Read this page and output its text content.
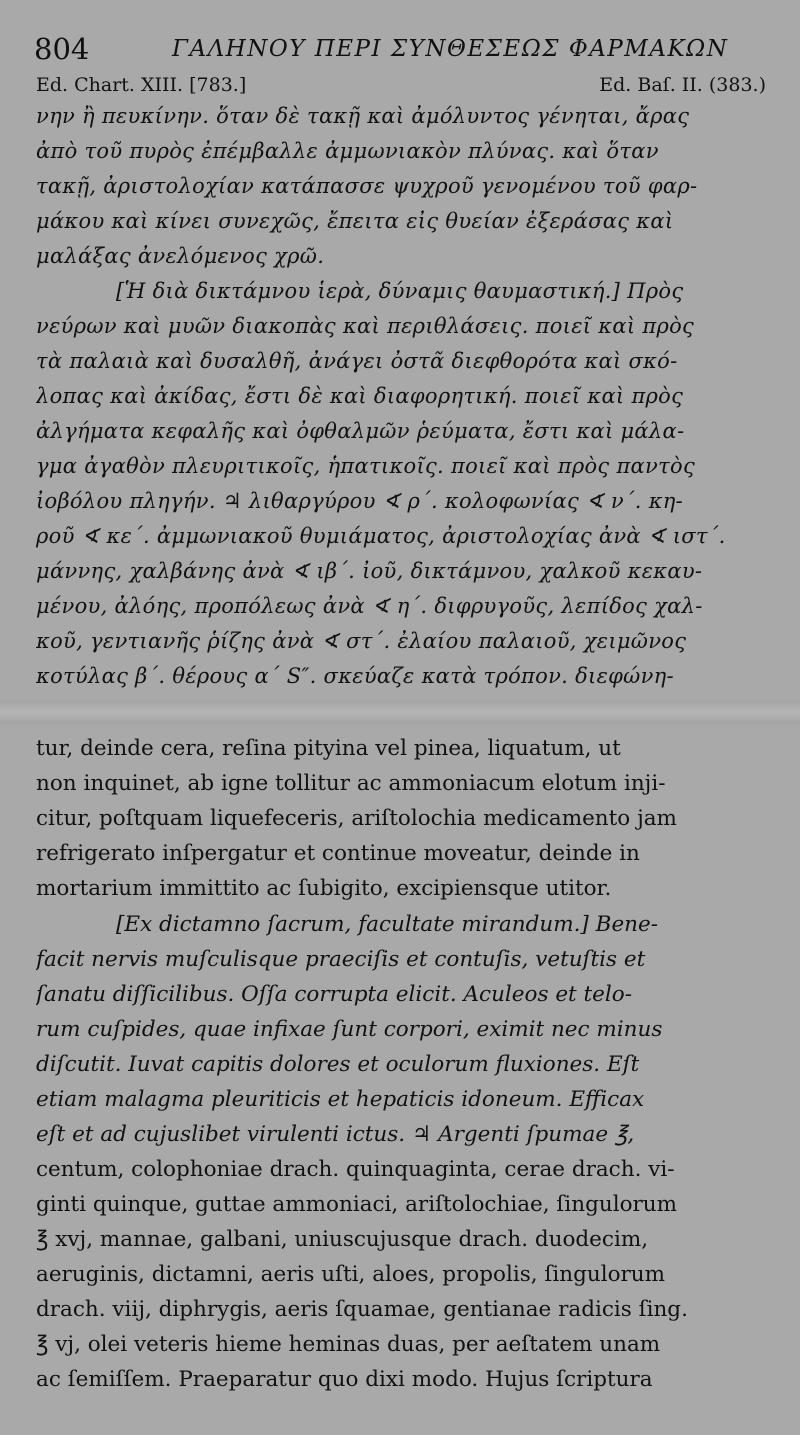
804	ΓΑΛΗΝΟΥ ΠΕΡΙ ΣΥΝΘΕΣΕΩΣ ΦΑΡΜΑΚΩΝ
Ed. Chart. XIII. [783.]	Ed. Baſ. II. (383.)
νην ἢ πευκίνην. ὅταν δὲ τακῇ καὶ ἀμόλυντος γένηται, ἄρας
ἀπὸ τοῦ πυρὸς ἐπέμβαλλε ἀμμωνιακὸν πλύνας. καὶ ὅταν
τακῇ, ἀριστολοχίαν κατάπασσε ψυχροῦ γενομένου τοῦ φαρ-
μάκου καὶ κίνει συνεχῶς, ἔπειτα εἰς θυείαν ἐξεράσας καὶ
μαλάξας ἀνελόμενος χρῶ.
[Ἡ διὰ δικτάμνου ἱερὰ, δύναμις θαυμαστική.] Πρὸς
νεύρων καὶ μυῶν διακοπὰς καὶ περιθλάσεις. ποιεῖ καὶ πρὸς
τὰ παλαιὰ καὶ δυσαλθῆ, ἀνάγει ὀστᾶ διεφθορότα καὶ σκό-
λοπας καὶ ἀκίδας, ἔστι δὲ καὶ διαφορητική. ποιεῖ καὶ πρὸς
ἀλγήματα κεφαλῆς καὶ ὀφθαλμῶν ῥεύματα, ἔστι καὶ μάλα-
γμα ἀγαθὸν πλευριτικοῖς, ἡπατικοῖς. ποιεῖ καὶ πρὸς παντὸς
ἰοβόλου πληγήν. ♃ λιθαργύρου ∢ ρ΄. κολοφωνίας ∢ ν΄. κη-
ροῦ ∢ κε΄. ἀμμωνιακοῦ θυμιάματος, ἀριστολοχίας ἀνὰ ∢ ιστ΄.
μάννης, χαλβάνης ἀνὰ ∢ ιβ΄. ἰοῦ, δικτάμνου, χαλκοῦ κεκαυ-
μένου, ἀλόης, προπόλεως ἀνὰ ∢ η΄. διφρυγοῦς, λεπίδος χαλ-
κοῦ, γεντιανῆς ῥίζης ἀνὰ ∢ στ΄. ἐλαίου παλαιοῦ, χειμῶνος
κοτύλας β΄. θέρους α΄ S″. σκεύαζε κατὰ τρόπον. διεφώνη-
tur, deinde cera, reſina pityina vel pinea, liquatum, ut
non inquinet, ab igne tollitur ac ammoniacum elotum inji-
citur, poſtquam liquefeceris, ariſtolochia medicamento jam
refrigerato inſpergatur et continue moveatur, deinde in
mortarium immittito ac ſubigito, excipiensque utitor.
[Ex dictamno ſacrum, facultate mirandum.] Bene-
facit nervis muſculisque praeciſis et contuſis, vetuſtis et
ſanatu diſſicilibus. Oſſa corrupta elicit. Aculeos et telo-
rum cuſpides, quae infixae ſunt corpori, eximit nec minus
diſcutit. Iuvat capitis dolores et oculorum fluxiones. Eſt
etiam malagma pleuriticis et hepaticis idoneum. Efficax
eſt et ad cujuslibet virulenti ictus. ♃ Argenti ſpumae ℥,
centum, colophoniae drach. quinquaginta, cerae drach. vi-
ginti quinque, guttae ammoniaci, ariſtolochiae, ſingulorum
℥ xvj, mannae, galbani, uniuscujusque drach. duodecim,
aeruginis, dictamni, aeris uſti, aloes, propolis, ſingulorum
drach. viij, diphrygis, aeris ſquamae, gentianae radicis ſing.
℥ vj, olei veteris hieme heminas duas, per aeſtatem unam
ac ſemiſſem. Praeparatur quo dixi modo. Hujus ſcriptura
